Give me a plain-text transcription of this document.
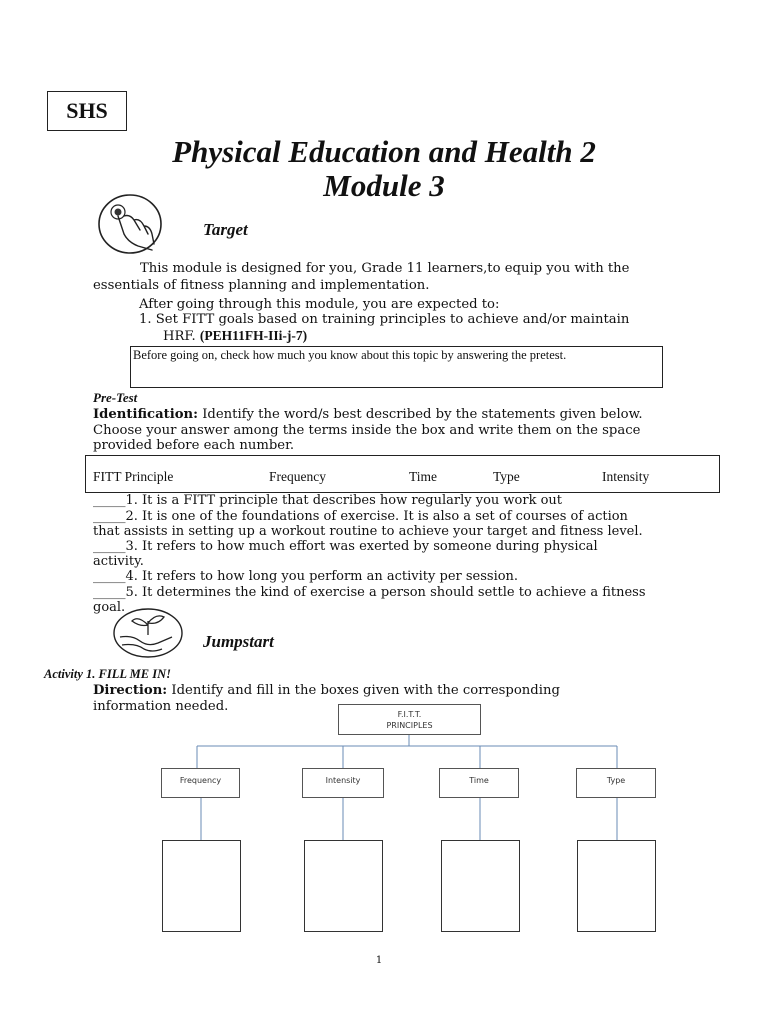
SHS
Physical Education and Health 2
Module 3
Target
This module is designed for you, Grade 11 learners,to equip you with the
essentials of fitness planning and implementation.
After going through this module, you are expected to:
1. Set FITT goals based on training principles to achieve and/or maintain
HRF. (PEH11FH-IIi-j-7)
Before going on, check how much you know about this topic by answering the pretest.
Pre-Test
Identification: Identify the word/s best described by the statements given below.
Choose your answer among the terms inside the box and write them on the space
provided before each number.
FITT Principle	Frequency	Time	Type	Intensity
_____1. It is a FITT principle that describes how regularly you work out
_____2. It is one of the foundations of exercise. It is also a set of courses of action
that assists in setting up a workout routine to achieve your target and fitness level.
_____3. It refers to how much effort was exerted by someone during physical
activity.
_____4. It refers to how long you perform an activity per session.
_____5. It determines the kind of exercise a person should settle to achieve a fitness
goal.
Jumpstart
Activity 1. FILL ME IN!
Direction: Identify and fill in the boxes given with the corresponding
information needed.
F.I.T.T.
PRINCIPLES
Frequency	Intensity	Time	Type
1
